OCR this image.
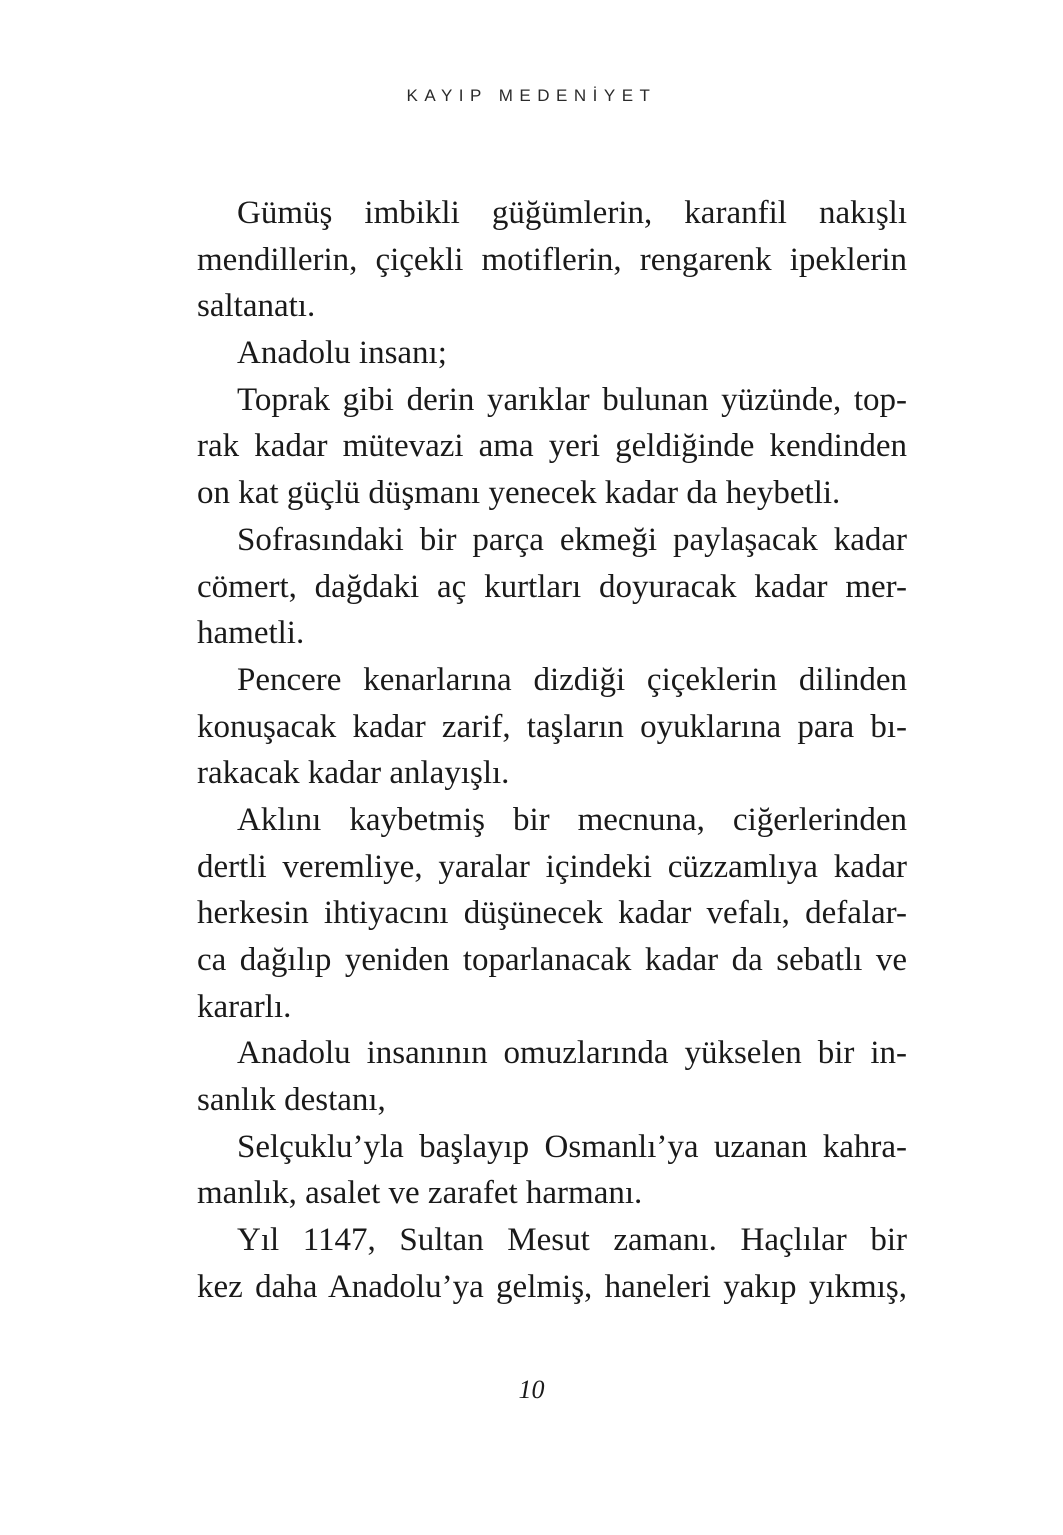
KAYIP MEDENİYET
Gümüş imbikli güğümlerin, karanfil nakışlı
mendillerin, çiçekli motiflerin, rengarenk ipeklerin
saltanatı.
Anadolu insanı;
Toprak gibi derin yarıklar bulunan yüzünde, top-
rak kadar mütevazi ama yeri geldiğinde kendinden
on kat güçlü düşmanı yenecek kadar da heybetli.
Sofrasındaki bir parça ekmeği paylaşacak kadar
cömert, dağdaki aç kurtları doyuracak kadar mer-
hametli.
Pencere kenarlarına dizdiği çiçeklerin dilinden
konuşacak kadar zarif, taşların oyuklarına para bı-
rakacak kadar anlayışlı.
Aklını kaybetmiş bir mecnuna, ciğerlerinden
dertli veremliye, yaralar içindeki cüzzamlıya kadar
herkesin ihtiyacını düşünecek kadar vefalı, defalar-
ca dağılıp yeniden toparlanacak kadar da sebatlı ve
kararlı.
Anadolu insanının omuzlarında yükselen bir in-
sanlık destanı,
Selçuklu’yla başlayıp Osmanlı’ya uzanan kahra-
manlık, asalet ve zarafet harmanı.
Yıl 1147, Sultan Mesut zamanı. Haçlılar bir
kez daha Anadolu’ya gelmiş, haneleri yakıp yıkmış,
10
